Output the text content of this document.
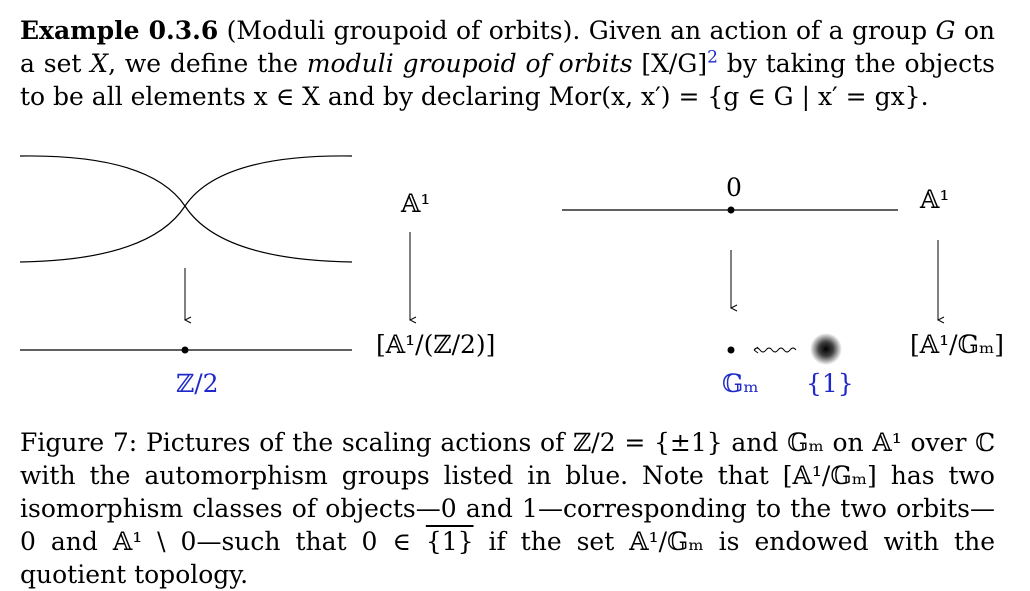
Example 0.3.6 (Moduli groupoid of orbits). Given an action of a group G on a set X, we define the moduli groupoid of orbits $[X/G]^2$ by taking the objects to be all elements x ∈ X and by declaring Mor(x, x′) = {g ∈ G | x′ = gx}.
𝔸¹
[𝔸¹/(ℤ/2)]
ℤ/2
0	𝔸¹
[𝔸¹/𝔾ₘ]
𝔾ₘ {1}
Figure 7: Pictures of the scaling actions of ℤ/2 = {±1} and 𝔾ₘ on 𝔸¹ over ℂ with the automorphism groups listed in blue. Note that [𝔸¹/𝔾ₘ] has two isomorphism classes of objects—0 and 1—corresponding to the two orbits—0 and 𝔸¹ \ 0—such that 0 ∈ {1} if the set 𝔸¹/𝔾ₘ is endowed with the quotient topology.
